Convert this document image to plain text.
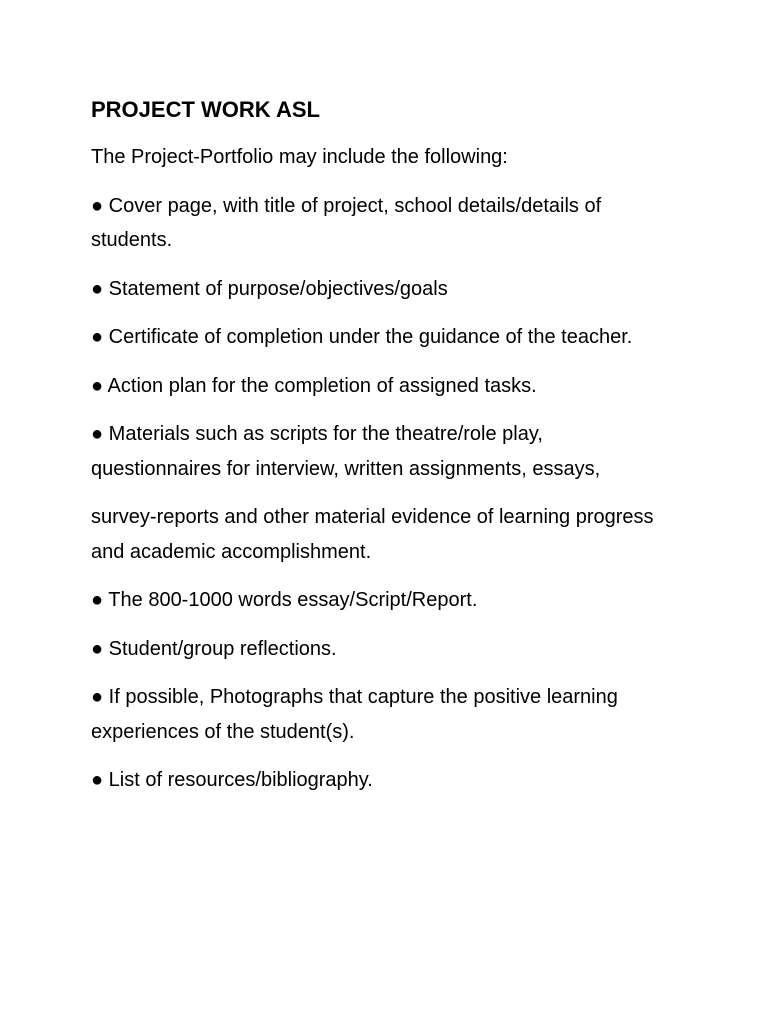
PROJECT WORK ASL
The Project-Portfolio may include the following:
● Cover page, with title of project, school details/details of students.
● Statement of purpose/objectives/goals
● Certificate of completion under the guidance of the teacher.
● Action plan for the completion of assigned tasks.
● Materials such as scripts for the theatre/role play, questionnaires for interview, written assignments, essays,
survey-reports and other material evidence of learning progress and academic accomplishment.
● The 800-1000 words essay/Script/Report.
● Student/group reflections.
● If possible, Photographs that capture the positive learning experiences of the student(s).
● List of resources/bibliography.
